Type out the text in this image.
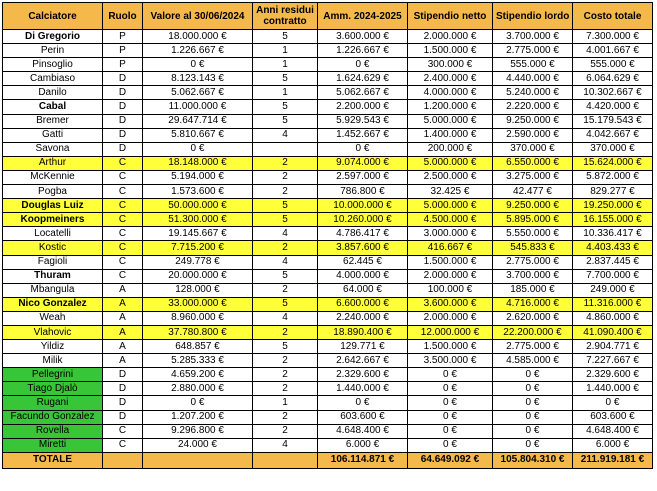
Calciatore	Ruolo	Valore al 30/06/2024	Anni residui contratto	Amm. 2024-2025	Stipendio netto	Stipendio lordo	Costo totale
Di Gregorio	P	18.000.000 €	5	3.600.000 €	2.000.000 €	3.700.000 €	7.300.000 €
Perin	P	1.226.667 €	1	1.226.667 €	1.500.000 €	2.775.000 €	4.001.667 €
Pinsoglio	P	0 €	1	0 €	300.000 €	555.000 €	555.000 €
Cambiaso	D	8.123.143 €	5	1.624.629 €	2.400.000 €	4.440.000 €	6.064.629 €
Danilo	D	5.062.667 €	1	5.062.667 €	4.000.000 €	5.240.000 €	10.302.667 €
Cabal	D	11.000.000 €	5	2.200.000 €	1.200.000 €	2.220.000 €	4.420.000 €
Bremer	D	29.647.714 €	5	5.929.543 €	5.000.000 €	9.250.000 €	15.179.543 €
Gatti	D	5.810.667 €	4	1.452.667 €	1.400.000 €	2.590.000 €	4.042.667 €
Savona	D	0 €		0 €	200.000 €	370.000 €	370.000 €
Arthur	C	18.148.000 €	2	9.074.000 €	5.000.000 €	6.550.000 €	15.624.000 €
McKennie	C	5.194.000 €	2	2.597.000 €	2.500.000 €	3.275.000 €	5.872.000 €
Pogba	C	1.573.600 €	2	786.800 €	32.425 €	42.477 €	829.277 €
Douglas Luiz	C	50.000.000 €	5	10.000.000 €	5.000.000 €	9.250.000 €	19.250.000 €
Koopmeiners	C	51.300.000 €	5	10.260.000 €	4.500.000 €	5.895.000 €	16.155.000 €
Locatelli	C	19.145.667 €	4	4.786.417 €	3.000.000 €	5.550.000 €	10.336.417 €
Kostic	C	7.715.200 €	2	3.857.600 €	416.667 €	545.833 €	4.403.433 €
Fagioli	C	249.778 €	4	62.445 €	1.500.000 €	2.775.000 €	2.837.445 €
Thuram	C	20.000.000 €	5	4.000.000 €	2.000.000 €	3.700.000 €	7.700.000 €
Mbangula	A	128.000 €	2	64.000 €	100.000 €	185.000 €	249.000 €
Nico Gonzalez	A	33.000.000 €	5	6.600.000 €	3.600.000 €	4.716.000 €	11.316.000 €
Weah	A	8.960.000 €	4	2.240.000 €	2.000.000 €	2.620.000 €	4.860.000 €
Vlahovic	A	37.780.800 €	2	18.890.400 €	12.000.000 €	22.200.000 €	41.090.400 €
Yildiz	A	648.857 €	5	129.771 €	1.500.000 €	2.775.000 €	2.904.771 €
Milik	A	5.285.333 €	2	2.642.667 €	3.500.000 €	4.585.000 €	7.227.667 €
Pellegrini	D	4.659.200 €	2	2.329.600 €	0 €	0 €	2.329.600 €
Tiago Djalò	D	2.880.000 €	2	1.440.000 €	0 €	0 €	1.440.000 €
Rugani	D	0 €	1	0 €	0 €	0 €	0 €
Facundo Gonzalez	D	1.207.200 €	2	603.600 €	0 €	0 €	603.600 €
Rovella	C	9.296.800 €	2	4.648.400 €	0 €	0 €	4.648.400 €
Miretti	C	24.000 €	4	6.000 €	0 €	0 €	6.000 €
TOTALE				106.114.871 €	64.649.092 €	105.804.310 €	211.919.181 €
